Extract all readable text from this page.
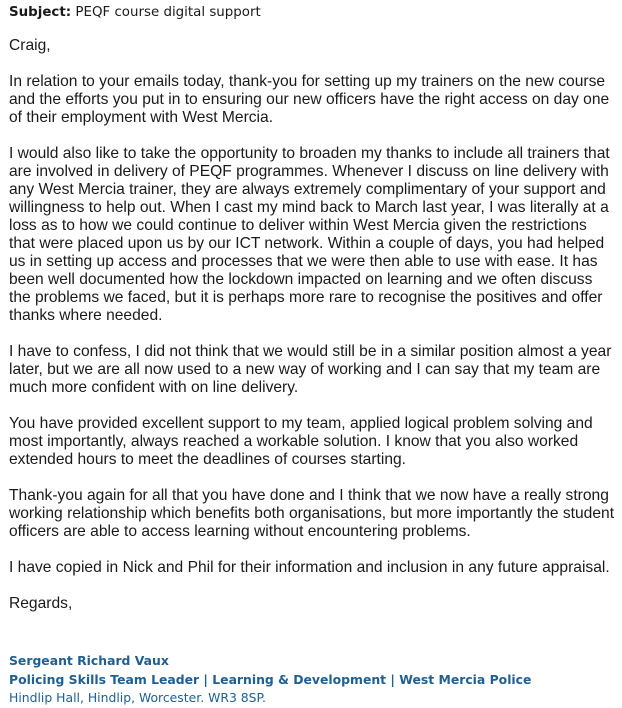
Subject: PEQF course digital support

Craig,

In relation to your emails today, thank-you for setting up my trainers on the new course and the efforts you put in to ensuring our new officers have the right access on day one of their employment with West Mercia.

I would also like to take the opportunity to broaden my thanks to include all trainers that are involved in delivery of PEQF programmes. Whenever I discuss on line delivery with any West Mercia trainer, they are always extremely complimentary of your support and willingness to help out. When I cast my mind back to March last year, I was literally at a loss as to how we could continue to deliver within West Mercia given the restrictions that were placed upon us by our ICT network. Within a couple of days, you had helped us in setting up access and processes that we were then able to use with ease. It has been well documented how the lockdown impacted on learning and we often discuss the problems we faced, but it is perhaps more rare to recognise the positives and offer thanks where needed.

I have to confess, I did not think that we would still be in a similar position almost a year later, but we are all now used to a new way of working and I can say that my team are much more confident with on line delivery.

You have provided excellent support to my team, applied logical problem solving and most importantly, always reached a workable solution. I know that you also worked extended hours to meet the deadlines of courses starting.

Thank-you again for all that you have done and I think that we now have a really strong working relationship which benefits both organisations, but more importantly the student officers are able to access learning without encountering problems.

I have copied in Nick and Phil for their information and inclusion in any future appraisal.

Regards,

Sergeant Richard Vaux
Policing Skills Team Leader | Learning & Development | West Mercia Police
Hindlip Hall, Hindlip, Worcester. WR3 8SP.
